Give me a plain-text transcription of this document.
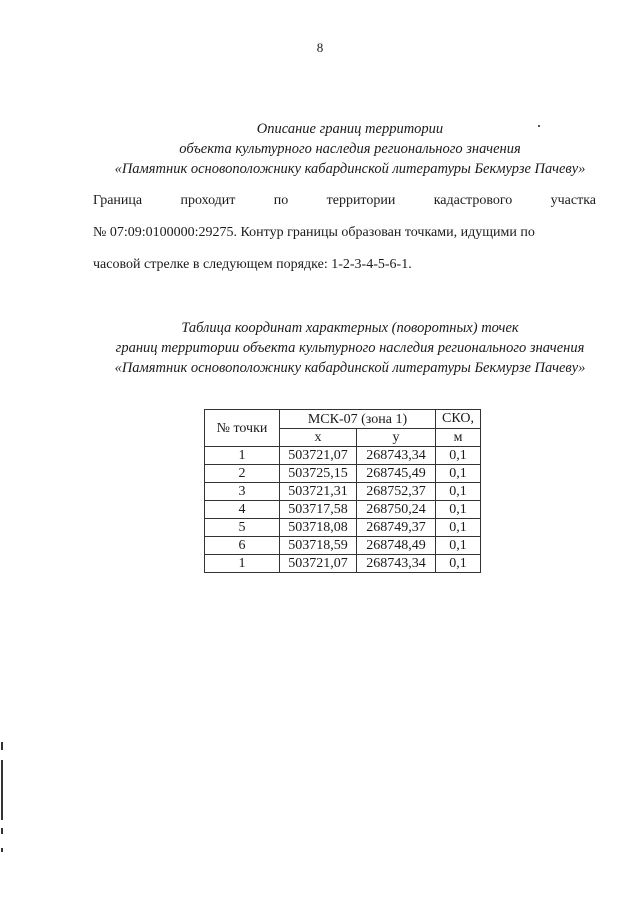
8
Описание границ территории
объекта культурного наследия регионального значения
«Памятник основоположнику кабардинской литературы Бекмурзе Пачеву»
Граница	проходит	по	территории	кадастрового	участка
№ 07:09:0100000:29275. Контур границы образован точками, идущими по
часовой стрелке в следующем порядке: 1-2-3-4-5-6-1.
Таблица координат характерных (поворотных) точек
границ территории объекта культурного наследия регионального значения
«Памятник основоположнику кабардинской литературы Бекмурзе Пачеву»
№ точки	МСК-07 (зона 1)		СКО,
	x	y	м
1	503721,07	268743,34	0,1
2	503725,15	268745,49	0,1
3	503721,31	268752,37	0,1
4	503717,58	268750,24	0,1
5	503718,08	268749,37	0,1
6	503718,59	268748,49	0,1
1	503721,07	268743,34	0,1
